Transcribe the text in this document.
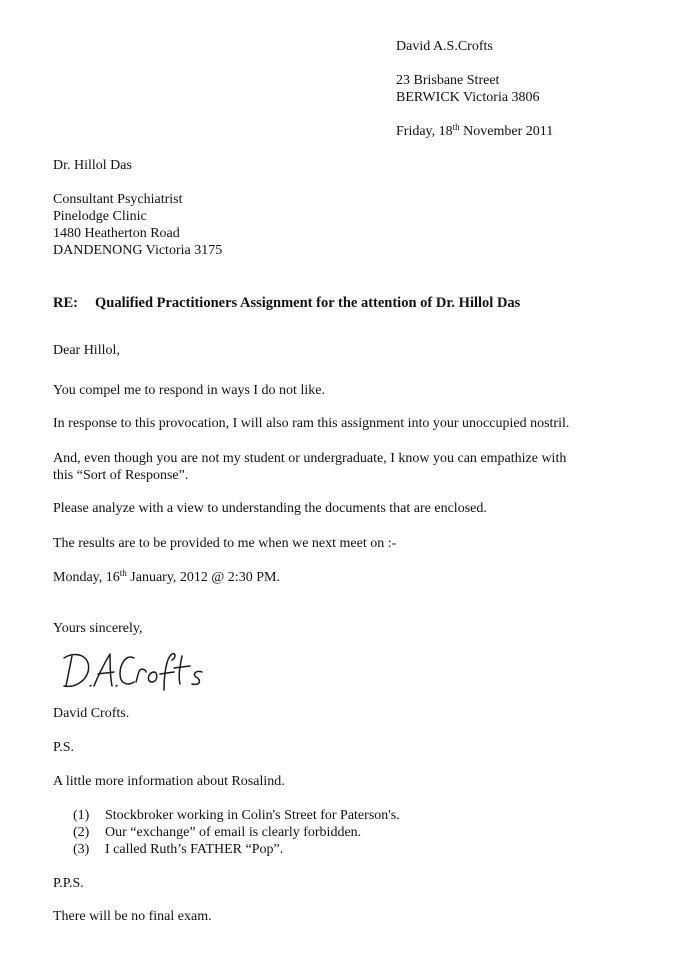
David A.S.Crofts
23 Brisbane Street
BERWICK Victoria 3806
Friday, 18th November 2011
Dr. Hillol Das
Consultant Psychiatrist
Pinelodge Clinic
1480 Heatherton Road
DANDENONG Victoria 3175
RE: Qualified Practitioners Assignment for the attention of Dr. Hillol Das
Dear Hillol,
You compel me to respond in ways I do not like.
In response to this provocation, I will also ram this assignment into your unoccupied nostril.
And, even though you are not my student or undergraduate, I know you can empathize with
this “Sort of Response”.
Please analyze with a view to understanding the documents that are enclosed.
The results are to be provided to me when we next meet on :-
Monday, 16th January, 2012 @ 2:30 PM.
Yours sincerely,
David Crofts.
P.S.
A little more information about Rosalind.
(1) Stockbroker working in Colin's Street for Paterson's.
(2) Our “exchange” of email is clearly forbidden.
(3) I called Ruth’s FATHER “Pop”.
P.P.S.
There will be no final exam.
